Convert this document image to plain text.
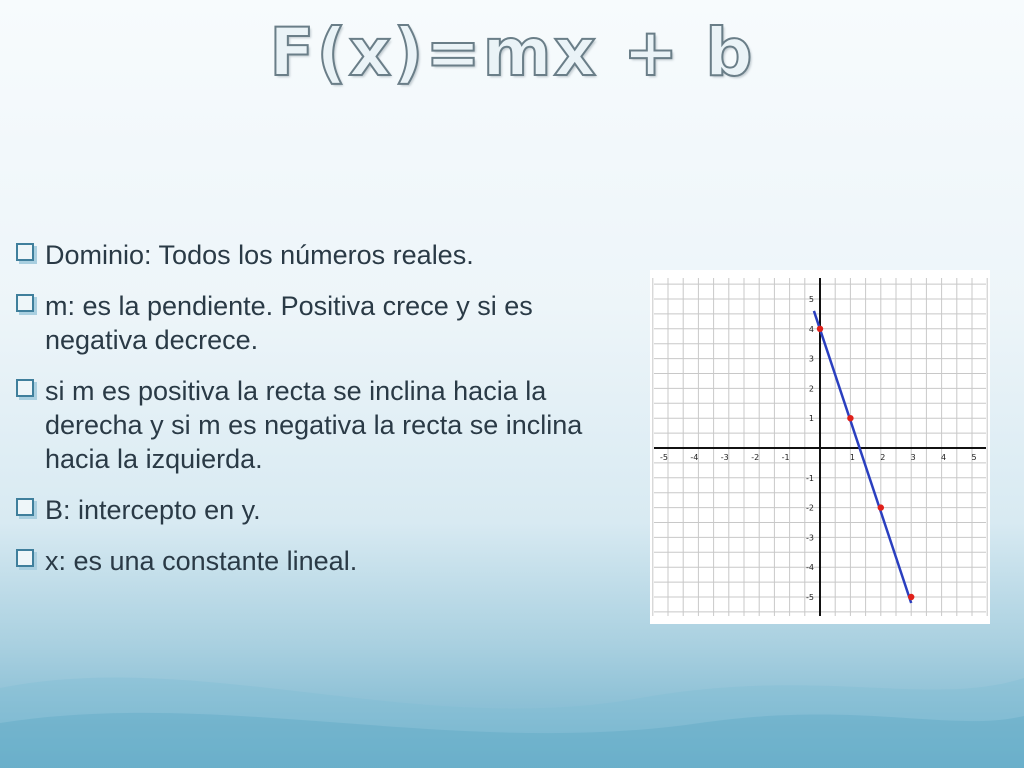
F(x)=mx + b
Dominio: Todos los números reales.
m: es la pendiente. Positiva crece y si es negativa decrece.
si m es positiva la recta se inclina hacia la derecha y si m es negativa la recta se inclina hacia la izquierda.
B: intercepto en y.
x: es una constante lineal.
-5	-4	-3	-2	-1	1	2	3	4	5
5
4
3
2
1
-1
-2
-3
-4
-5
